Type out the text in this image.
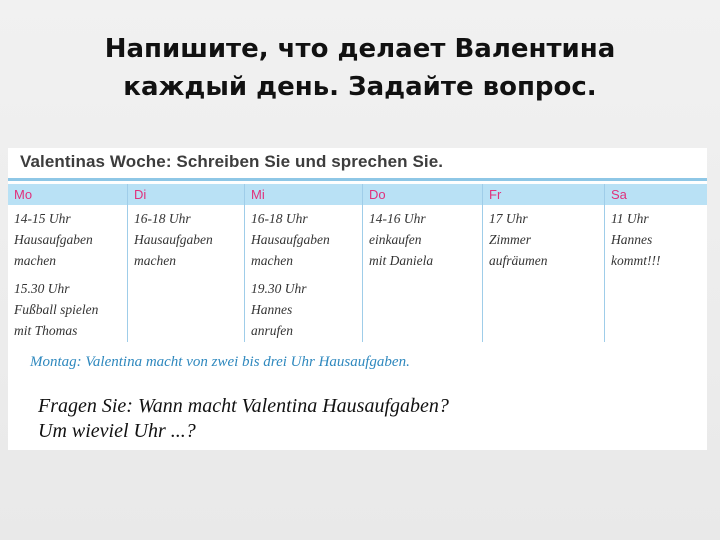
Напишите, что делает Валентина
каждый день. Задайте вопрос.
Valentinas Woche: Schreiben Sie und sprechen Sie.
Mo
14-15 Uhr
Hausaufgaben
machen
15.30 Uhr
Fußball spielen
mit Thomas
Di
16-18 Uhr
Hausaufgaben
machen
Mi
16-18 Uhr
Hausaufgaben
machen
19.30 Uhr
Hannes
anrufen
Do
14-16 Uhr
einkaufen
mit Daniela
Fr
17 Uhr
Zimmer
aufräumen
Sa
11 Uhr
Hannes
kommt!!!
Montag: Valentina macht von zwei bis drei Uhr Hausaufgaben.
Fragen Sie: Wann macht Valentina Hausaufgaben?
Um wieviel Uhr ...?
